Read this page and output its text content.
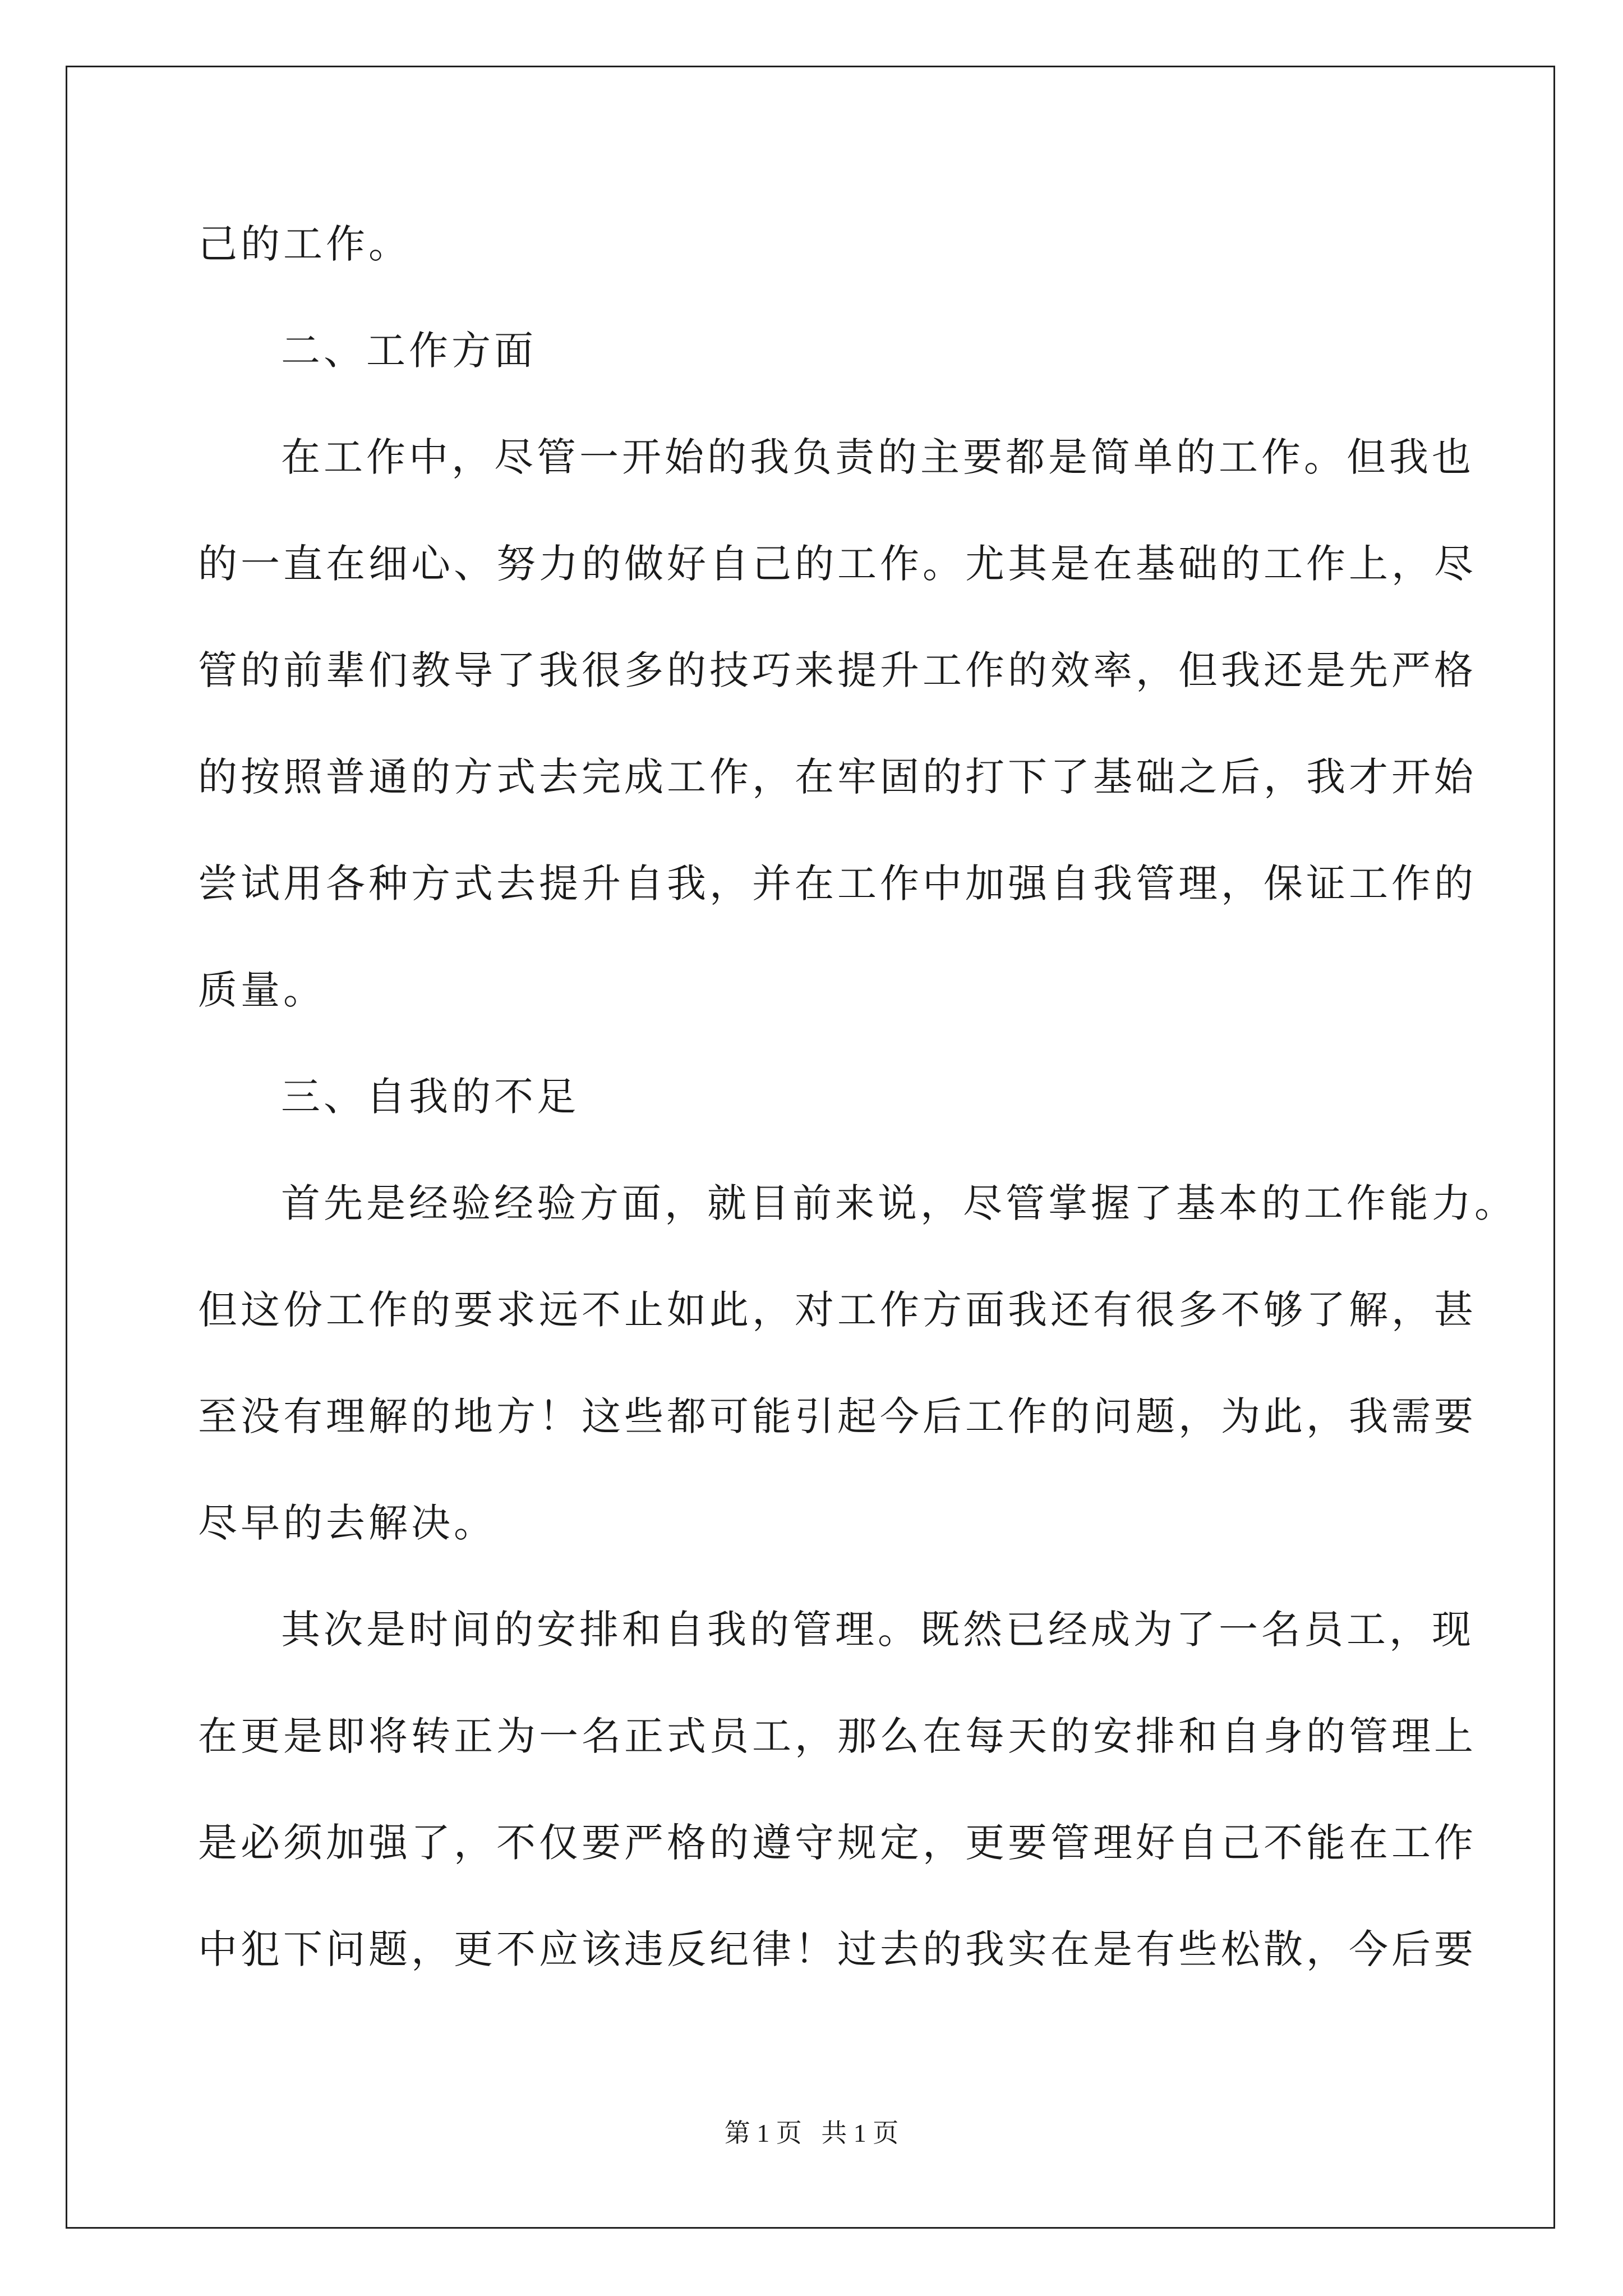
己的工作。
二、工作方面
在工作中，尽管一开始的我负责的主要都是简单的工作。但我也
的一直在细心、努力的做好自己的工作。尤其是在基础的工作上，尽
管的前辈们教导了我很多的技巧来提升工作的效率，但我还是先严格
的按照普通的方式去完成工作，在牢固的打下了基础之后，我才开始
尝试用各种方式去提升自我，并在工作中加强自我管理，保证工作的
质量。
三、自我的不足
首先是经验经验方面，就目前来说，尽管掌握了基本的工作能力。
但这份工作的要求远不止如此，对工作方面我还有很多不够了解，甚
至没有理解的地方！这些都可能引起今后工作的问题，为此，我需要
尽早的去解决。
其次是时间的安排和自我的管理。既然已经成为了一名员工，现
在更是即将转正为一名正式员工，那么在每天的安排和自身的管理上
是必须加强了，不仅要严格的遵守规定，更要管理好自己不能在工作
中犯下问题，更不应该违反纪律！过去的我实在是有些松散，今后要
第 1 页   共 1 页
